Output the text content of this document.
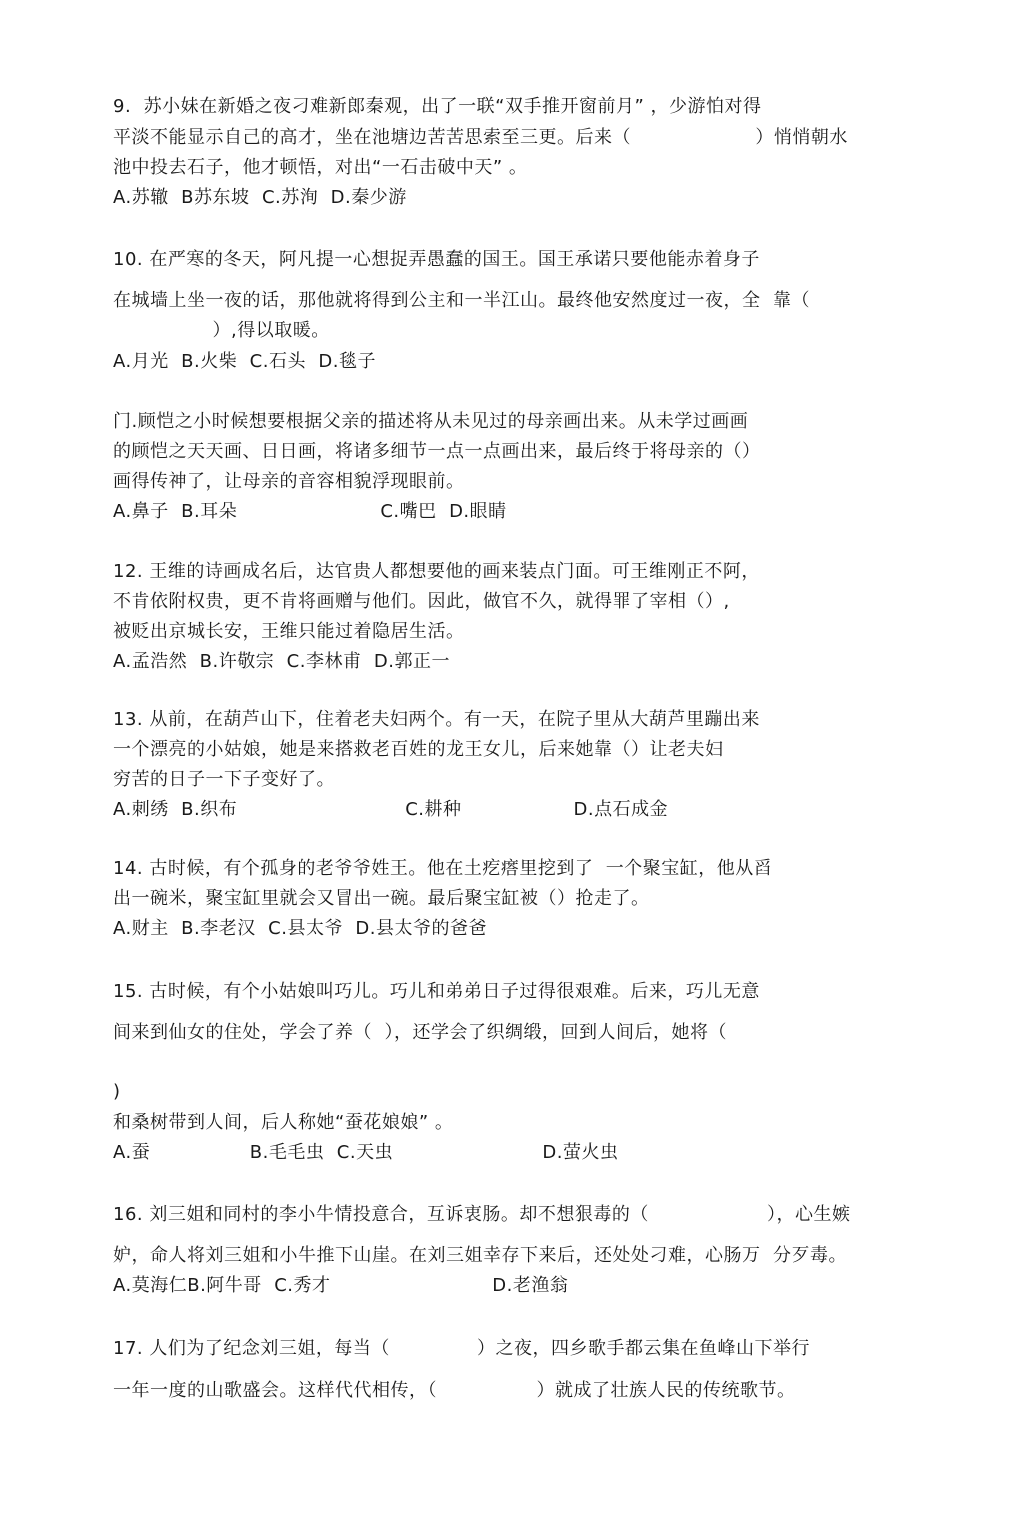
9.  苏小妹在新婚之夜刁难新郎秦观，出了一联“双手推开窗前月” ，少游怕对得
平淡不能显示自己的高才，坐在池塘边苦苦思索至三更。后来（                    ）悄悄朝水
池中投去石子，他才顿悟，对出“一石击破中天” 。
A.苏辙  B苏东坡  C.苏洵  D.秦少游
10. 在严寒的冬天，阿凡提一心想捉弄愚蠢的国王。国王承诺只要他能赤着身子
在城墙上坐一夜的话，那他就将得到公主和一半江山。最终他安然度过一夜，全  靠（
）,得以取暖。
A.月光  B.火柴  C.石头  D.毯子
门.顾恺之小时候想要根据父亲的描述将从未见过的母亲画出来。从未学过画画
的顾恺之天天画、日日画，将诸多细节一点一点画出来，最后终于将母亲的（）
画得传神了，让母亲的音容相貌浮现眼前。
A.鼻子  B.耳朵                       C.嘴巴  D.眼睛
12. 王维的诗画成名后，达官贵人都想要他的画来装点门面。可王维刚正不阿，
不肯依附权贵，更不肯将画赠与他们。因此，做官不久，就得罪了宰相（）,
被贬出京城长安，王维只能过着隐居生活。
A.孟浩然  B.许敬宗  C.李林甫  D.郭正一
13. 从前，在葫芦山下，住着老夫妇两个。有一天，在院子里从大葫芦里蹦出来
一个漂亮的小姑娘，她是来搭救老百姓的龙王女儿，后来她靠（）让老夫妇
穷苦的日子一下子变好了。
A.刺绣  B.织布                           C.耕种                  D.点石成金
14. 古时候，有个孤身的老爷爷姓王。他在土疙瘩里挖到了  一个聚宝缸，他从舀
出一碗米，聚宝缸里就会又冒出一碗。最后聚宝缸被（）抢走了。
A.财主  B.李老汉  C.县太爷  D.县太爷的爸爸
15. 古时候，有个小姑娘叫巧儿。巧儿和弟弟日子过得很艰难。后来，巧儿无意
间来到仙女的住处，学会了养（  ），还学会了织绸缎，回到人间后，她将（
)
和桑树带到人间，后人称她“蚕花娘娘” 。
A.蚕                B.毛毛虫  C.天虫                        D.萤火虫
16. 刘三姐和同村的李小牛情投意合，互诉衷肠。却不想狠毒的（                   ），心生嫉
妒，命人将刘三姐和小牛推下山崖。在刘三姐幸存下来后，还处处刁难，心肠万  分歹毒。
A.莫海仁B.阿牛哥  C.秀才                          D.老渔翁
17. 人们为了纪念刘三姐，每当（              ）之夜，四乡歌手都云集在鱼峰山下举行
一年一度的山歌盛会。这样代代相传，（                ）就成了壮族人民的传统歌节。
